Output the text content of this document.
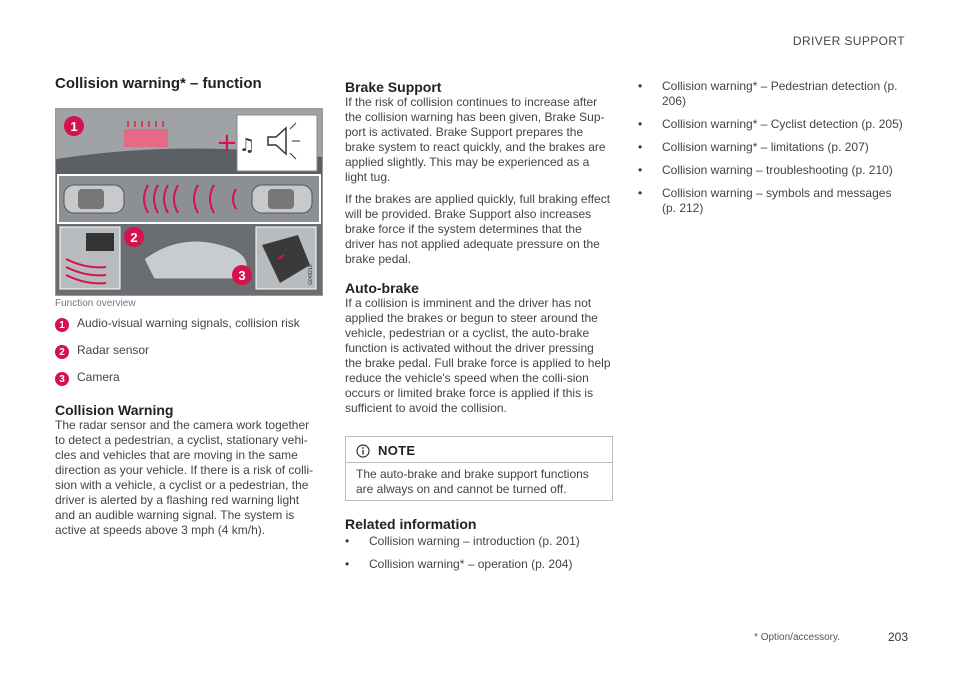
DRIVER SUPPORT
Collision warning* – function
+ ♫
G048219
1
2
3
Function overview
1	Audio-visual warning signals, collision risk
2	Radar sensor
3	Camera
Collision Warning

The radar sensor and the camera work together to detect a pedestrian, a cyclist, stationary vehi-cles and vehicles that are moving in the same direction as your vehicle. If there is a risk of colli-sion with a vehicle, a cyclist or a pedestrian, the driver is alerted by a flashing red warning light and an audible warning signal. The system is active at speeds above 3 mph (4 km/h).

Brake Support

If the risk of collision continues to increase after the collision warning has been given, Brake Sup-port is activated. Brake Support prepares the brake system to react quickly, and the brakes are applied slightly. This may be experienced as a light tug.

If the brakes are applied quickly, full braking effect will be provided. Brake Support also increases brake force if the system determines that the driver has not applied adequate pressure on the brake pedal.

Auto-brake

If a collision is imminent and the driver has not applied the brakes or begun to steer around the vehicle, pedestrian or a cyclist, the auto-brake function is activated without the driver pressing the brake pedal. Full brake force is applied to help reduce the vehicle's speed when the colli-sion occurs or limited brake force is applied if this is sufficient to avoid the collision.

NOTE

The auto-brake and brake support functions are always on and cannot be turned off.

Related information
• Collision warning – introduction (p. 201)
• Collision warning* – operation (p. 204)
• Collision warning* – Pedestrian detection (p. 206)
• Collision warning* – Cyclist detection (p. 205)
• Collision warning* – limitations (p. 207)
• Collision warning – troubleshooting (p. 210)
• Collision warning – symbols and messages (p. 212)
* Option/accessory.	203
